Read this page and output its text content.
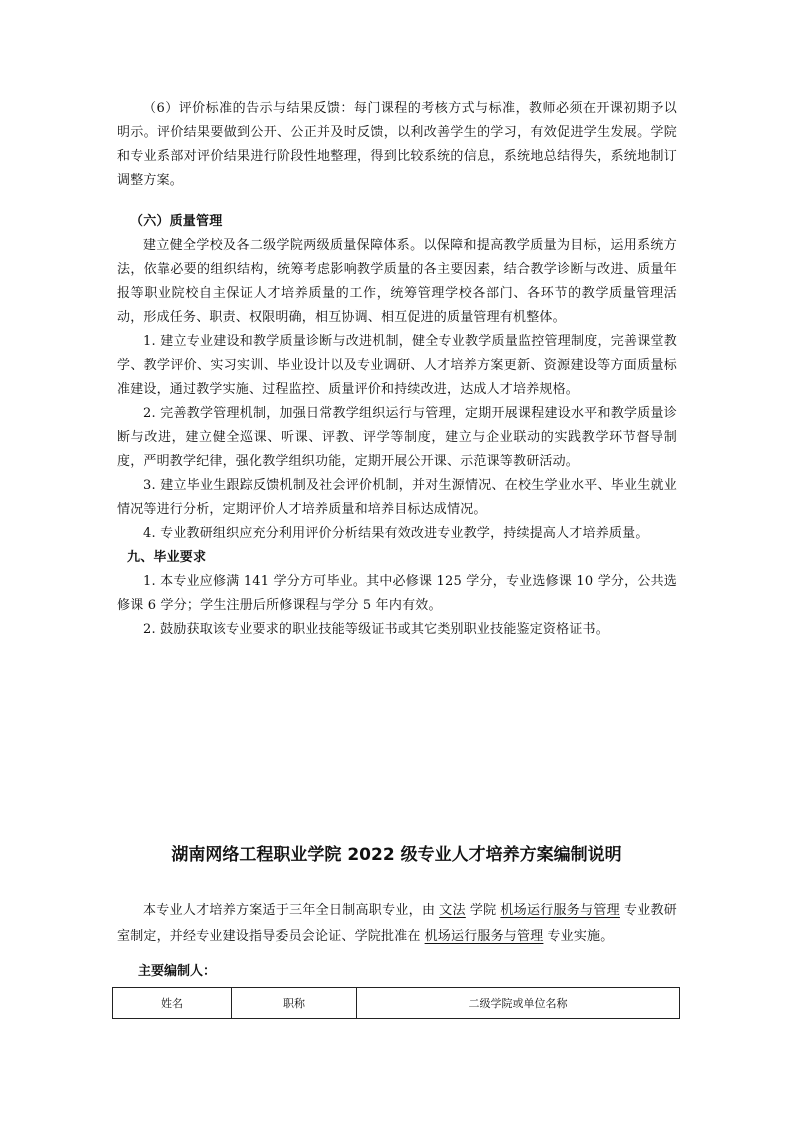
（6）评价标准的告示与结果反馈：每门课程的考核方式与标准，教师必须在开课初期予以明示。评价结果要做到公开、公正并及时反馈，以利改善学生的学习，有效促进学生发展。学院和专业系部对评价结果进行阶段性地整理，得到比较系统的信息，系统地总结得失，系统地制订调整方案。

（六）质量管理

建立健全学校及各二级学院两级质量保障体系。以保障和提高教学质量为目标，运用系统方法，依靠必要的组织结构，统筹考虑影响教学质量的各主要因素，结合教学诊断与改进、质量年报等职业院校自主保证人才培养质量的工作，统筹管理学校各部门、各环节的教学质量管理活动，形成任务、职责、权限明确，相互协调、相互促进的质量管理有机整体。

1. 建立专业建设和教学质量诊断与改进机制，健全专业教学质量监控管理制度，完善课堂教学、教学评价、实习实训、毕业设计以及专业调研、人才培养方案更新、资源建设等方面质量标准建设，通过教学实施、过程监控、质量评价和持续改进，达成人才培养规格。

2. 完善教学管理机制，加强日常教学组织运行与管理，定期开展课程建设水平和教学质量诊断与改进，建立健全巡课、听课、评教、评学等制度，建立与企业联动的实践教学环节督导制度，严明教学纪律，强化教学组织功能，定期开展公开课、示范课等教研活动。

3. 建立毕业生跟踪反馈机制及社会评价机制，并对生源情况、在校生学业水平、毕业生就业情况等进行分析，定期评价人才培养质量和培养目标达成情况。

4. 专业教研组织应充分利用评价分析结果有效改进专业教学，持续提高人才培养质量。

九、毕业要求

1. 本专业应修满 141 学分方可毕业。其中必修课 125 学分，专业选修课 10 学分，公共选修课 6 学分；学生注册后所修课程与学分 5 年内有效。

2. 鼓励获取该专业要求的职业技能等级证书或其它类别职业技能鉴定资格证书。

湖南网络工程职业学院 2022 级专业人才培养方案编制说明

本专业人才培养方案适于三年全日制高职专业，由 文法 学院 机场运行服务与管理 专业教研室制定，并经专业建设指导委员会论证、学院批准在 机场运行服务与管理 专业实施。

主要编制人：
姓名	职称	二级学院或单位名称
